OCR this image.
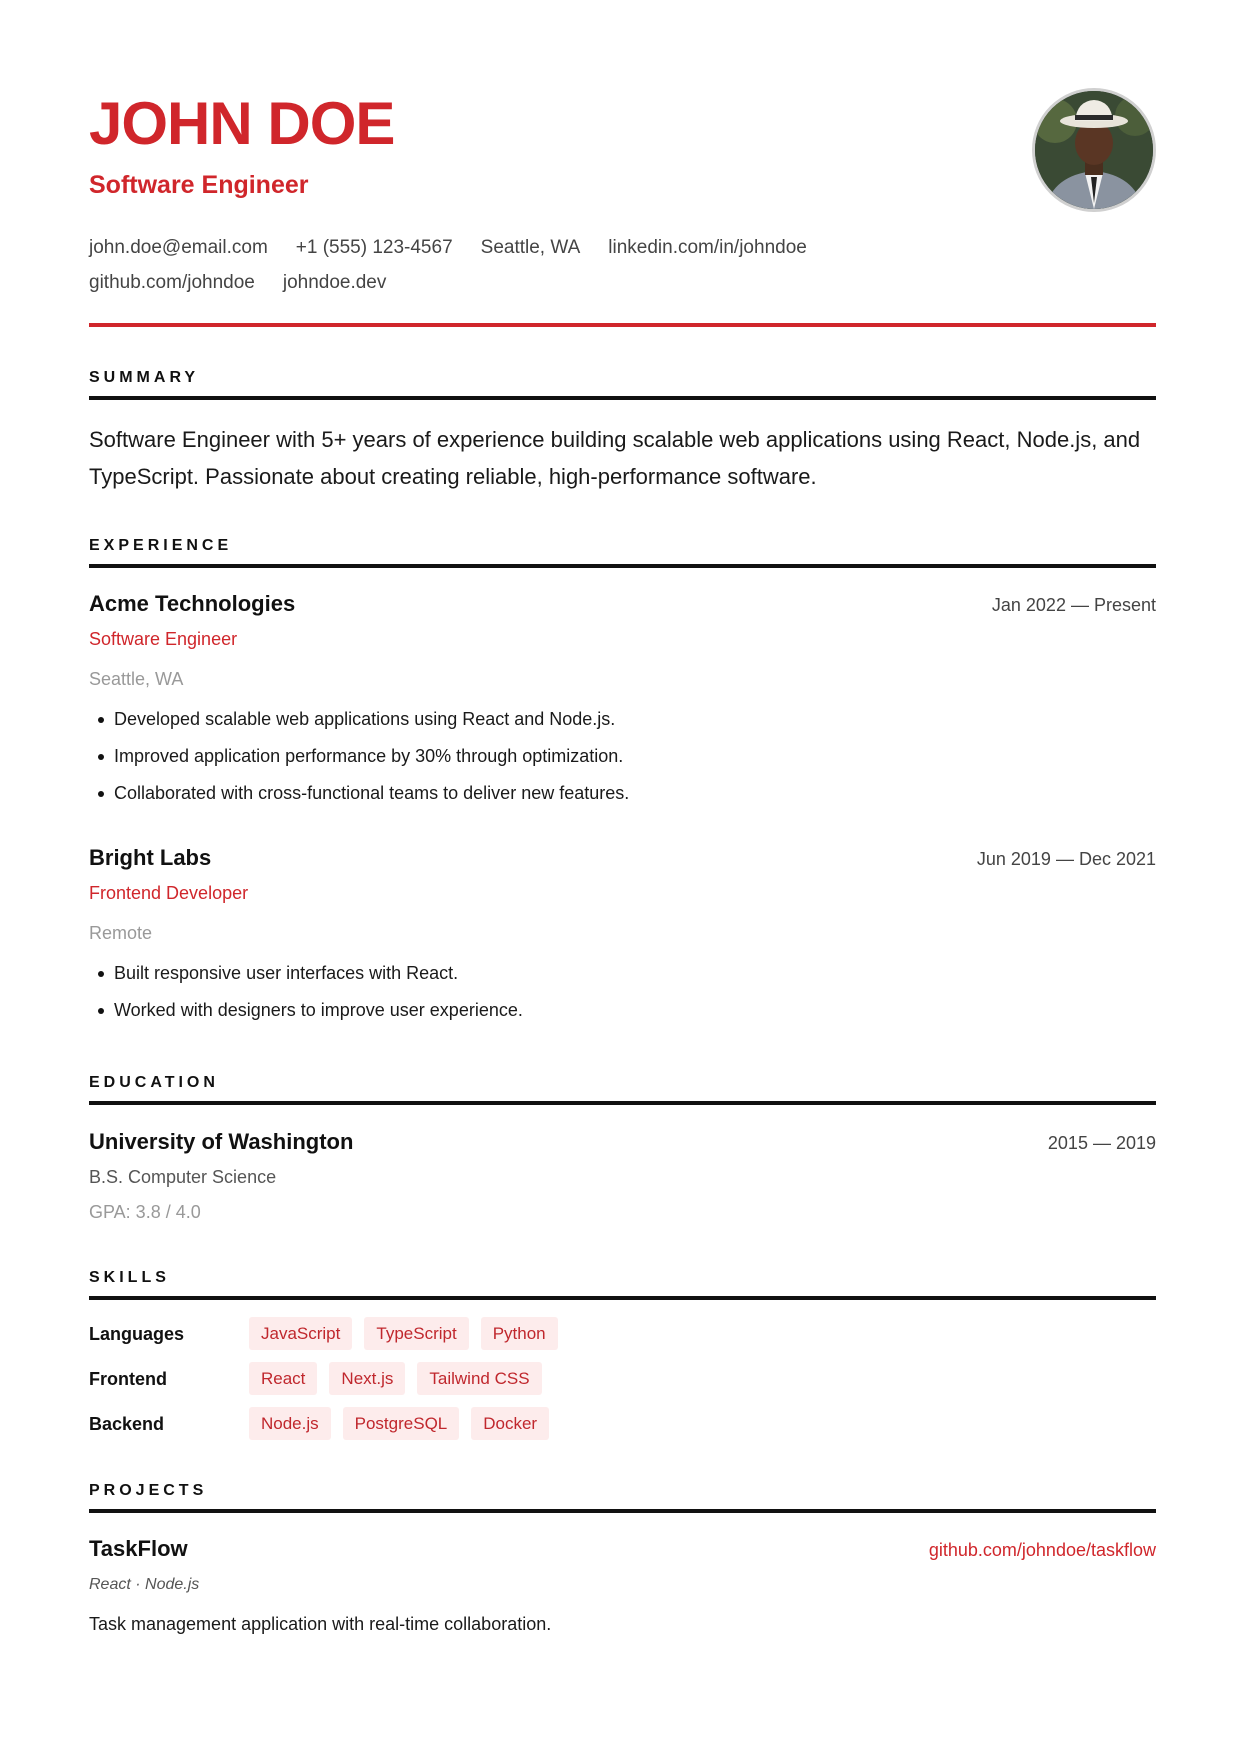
JOHN DOE
Software Engineer
john.doe@email.com +1 (555) 123-4567 Seattle, WA linkedin.com/in/johndoe
github.com/johndoe johndoe.dev
SUMMARY

Software Engineer with 5+ years of experience building scalable web applications using React, Node.js, and TypeScript. Passionate about creating reliable, high-performance software.

EXPERIENCE
Acme Technologies	Jan 2022 — Present
Software Engineer
Seattle, WA
Developed scalable web applications using React and Node.js.
Improved application performance by 30% through optimization.
Collaborated with cross-functional teams to deliver new features.
Bright Labs	Jun 2019 — Dec 2021
Frontend Developer
Remote
Built responsive user interfaces with React.
Worked with designers to improve user experience.
EDUCATION
University of Washington	2015 — 2019
B.S. Computer Science
GPA: 3.8 / 4.0
SKILLS
Languages	JavaScript	TypeScript	Python
Frontend	React	Next.js	Tailwind CSS
Backend	Node.js	PostgreSQL	Docker
PROJECTS
TaskFlow	github.com/johndoe/taskflow
React · Node.js
Task management application with real-time collaboration.
